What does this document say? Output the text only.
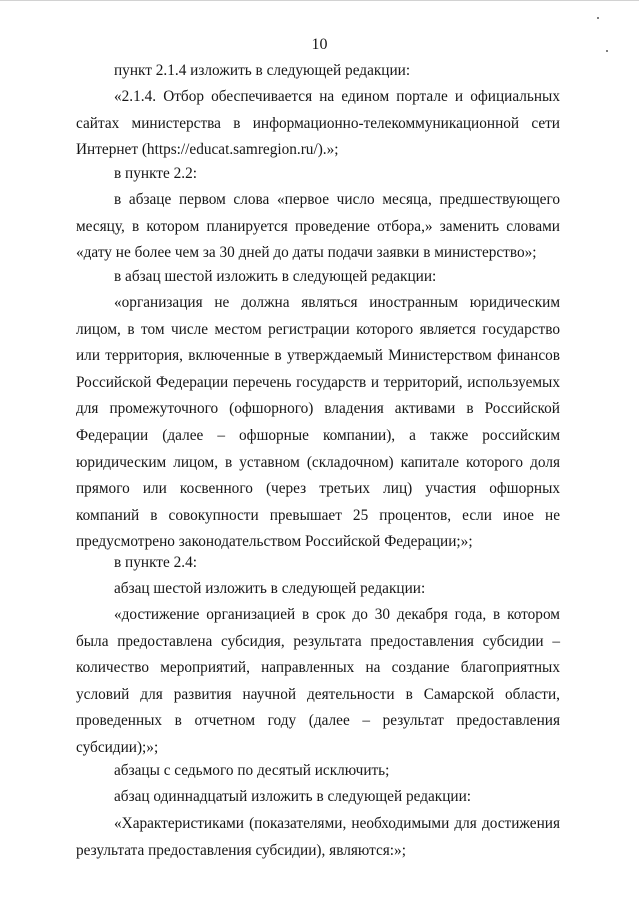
10

пункт 2.1.4 изложить в следующей редакции:

«2.1.4. Отбор обеспечивается на едином портале и официальных сайтах министерства в информационно-телекоммуникационной сети Интернет (https://educat.samregion.ru/).»;

в пункте 2.2:

в абзаце первом слова «первое число месяца, предшествующего месяцу, в котором планируется проведение отбора,» заменить словами «дату не более чем за 30 дней до даты подачи заявки в министерство»;

в абзац шестой изложить в следующей редакции:

«организация не должна являться иностранным юридическим лицом, в том числе местом регистрации которого является государство или территория, включенные в утверждаемый Министерством финансов Российской Федерации перечень государств и территорий, используемых для промежуточного (офшорного) владения активами в Российской Федерации (далее – офшорные компании), а также российским юридическим лицом, в уставном (складочном) капитале которого доля прямого или косвенного (через третьих лиц) участия офшорных компаний в совокупности превышает 25 процентов, если иное не предусмотрено законодательством Российской Федерации;»;

в пункте 2.4:

абзац шестой изложить в следующей редакции:

«достижение организацией в срок до 30 декабря года, в котором была предоставлена субсидия, результата предоставления субсидии – количество мероприятий, направленных на создание благоприятных условий для развития научной деятельности в Самарской области, проведенных в отчетном году (далее – результат предоставления субсидии);»;

абзацы с седьмого по десятый исключить;

абзац одиннадцатый изложить в следующей редакции:

«Характеристиками (показателями, необходимыми для достижения результата предоставления субсидии), являются:»;
